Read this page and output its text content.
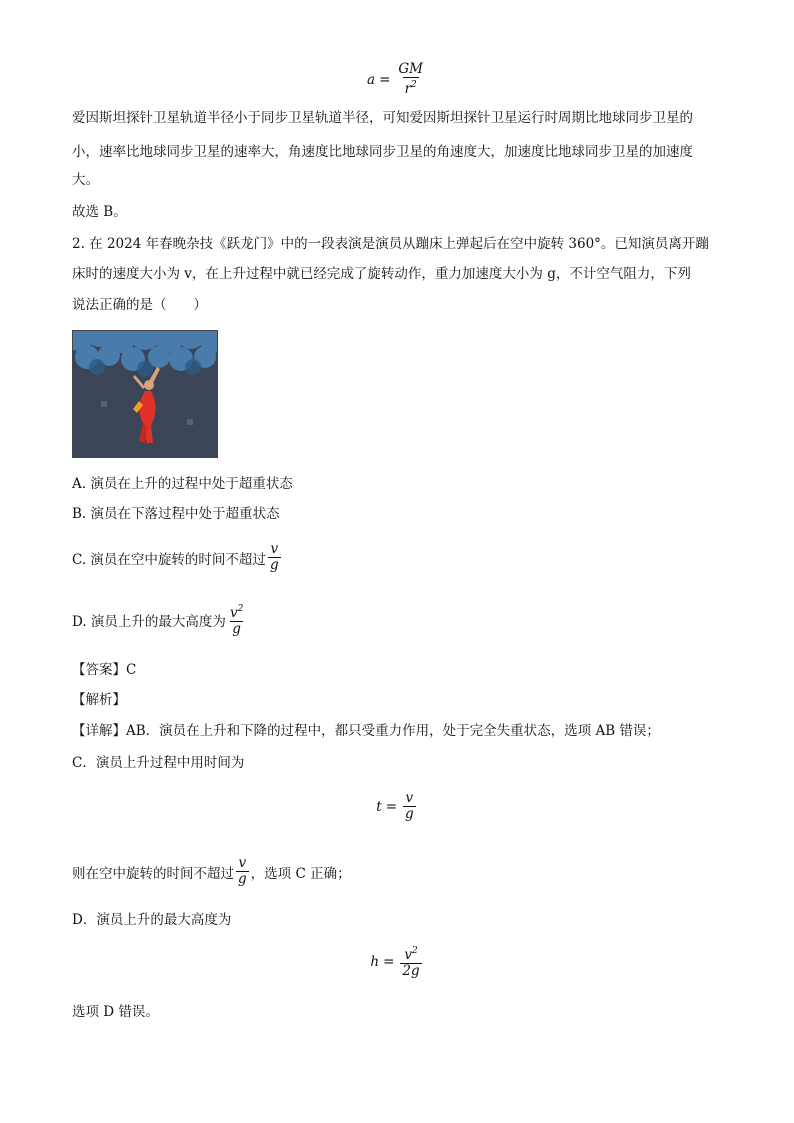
$a = \frac{GM}{r^2}$
爱因斯坦探针卫星轨道半径小于同步卫星轨道半径，可知爱因斯坦探针卫星运行时周期比地球同步卫星的
小，速率比地球同步卫星的速率大，角速度比地球同步卫星的角速度大，加速度比地球同步卫星的加速度
大。
故选 B。
2. 在 2024 年春晚杂技《跃龙门》中的一段表演是演员从蹦床上弹起后在空中旋转 360°。已知演员离开蹦
床时的速度大小为 v，在上升过程中就已经完成了旋转动作，重力加速度大小为 g，不计空气阻力，下列
说法正确的是（　　）
A. 演员在上升的过程中处于超重状态
B. 演员在下落过程中处于超重状态
C. 演员在空中旋转的时间不超过 $\frac{v}{g}$
D. 演员上升的最大高度为 $\frac{v^2}{g}$
【答案】C
【解析】
【详解】AB．演员在上升和下降的过程中，都只受重力作用，处于完全失重状态，选项 AB 错误；
C．演员上升过程中用时间为
$t = \frac{v}{g}$
则在空中旋转的时间不超过 $\frac{v}{g}$ ，选项 C 正确；
D．演员上升的最大高度为
$h = \frac{v^2}{2g}$
选项 D 错误。
